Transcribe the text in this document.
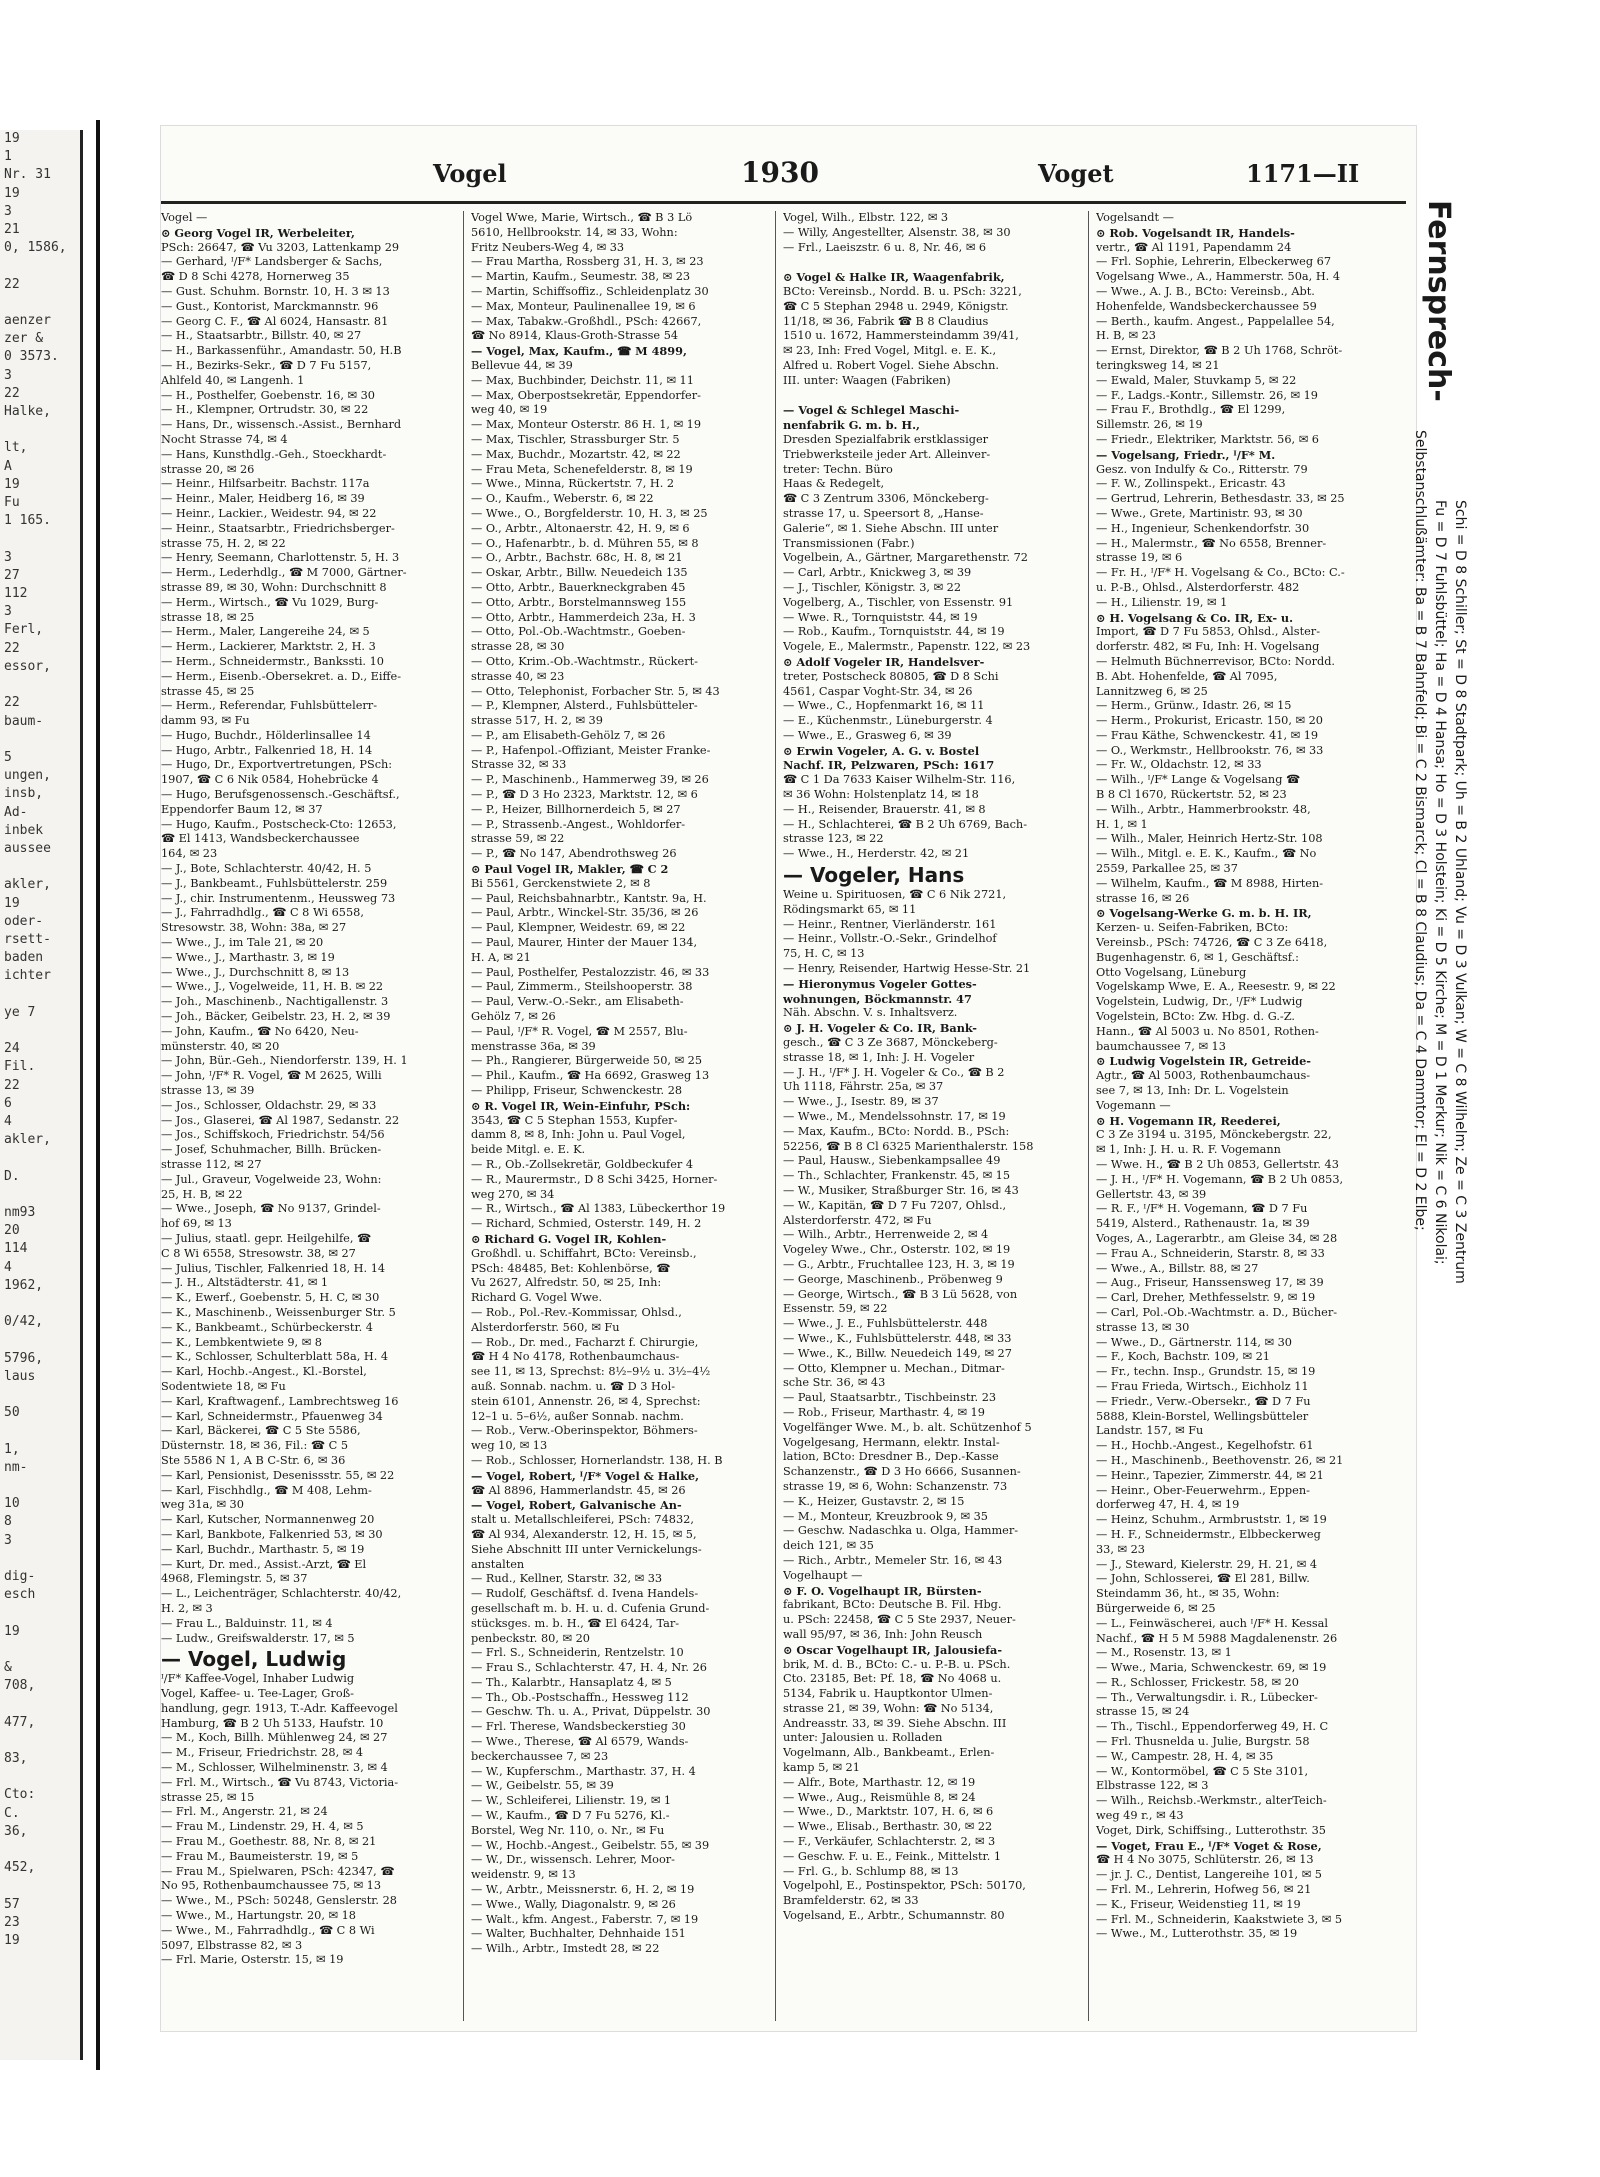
19
1
Nr. 31
19
3
21
0, 1586,

22

aenzer
zer &
0 3573.
3
22
Halke,

lt,
A
19
Fu
1 165.

3
27
112
3
Ferl,
22
essor,

22
baum-

5
ungen,
insb,
Ad-
inbek
aussee

akler,
19
oder-
rsett-
baden
ichter

ye 7

24
Fil.
22
6
4
akler,

D.

nm93
20
114
4
1962,

0/42,

5796,
laus

50

1,
nm-

10
8
3

dig-
esch

19

&
708,

477,

83,

Cto:
C.
36,

452,

57
23
19
Vogel	1930	Voget	1171—II
Vogel —
⊙ Georg Vogel IR, Werbeleiter,
PSch: 26647, ☎ Vu 3203, Lattenkamp 29
— Gerhard, ᴵ/F* Landsberger & Sachs,
☎ D 8 Schi 4278, Hornerweg 35
— Gust. Schuhm. Bornstr. 10, H. 3 ✉ 13
— Gust., Kontorist, Marckmannstr. 96
— Georg C. F., ☎ Al 6024, Hansastr. 81
— H., Staatsarbtr., Billstr. 40, ✉ 27
— H., Barkassenführ., Amandastr. 50, H.B
— H., Bezirks-Sekr., ☎ D 7 Fu 5157,
Ahlfeld 40, ✉ Langenh. 1
— H., Posthelfer, Goebenstr. 16, ✉ 30
— H., Klempner, Ortrudstr. 30, ✉ 22
— Hans, Dr., wissensch.-Assist., Bernhard
Nocht Strasse 74, ✉ 4
— Hans, Kunsthdlg.-Geh., Stoeckhardt-
strasse 20, ✉ 26
— Heinr., Hilfsarbeitr. Bachstr. 117a
— Heinr., Maler, Heidberg 16, ✉ 39
— Heinr., Lackier., Weidestr. 94, ✉ 22
— Heinr., Staatsarbtr., Friedrichsberger-
strasse 75, H. 2, ✉ 22
— Henry, Seemann, Charlottenstr. 5, H. 3
— Herm., Lederhdlg., ☎ M 7000, Gärtner-
strasse 89, ✉ 30, Wohn: Durchschnitt 8
— Herm., Wirtsch., ☎ Vu 1029, Burg-
strasse 18, ✉ 25
— Herm., Maler, Langereihe 24, ✉ 5
— Herm., Lackierer, Marktstr. 2, H. 3
— Herm., Schneidermstr., Bankssti. 10
— Herm., Eisenb.-Obersekret. a. D., Eiffe-
strasse 45, ✉ 25
— Herm., Referendar, Fuhlsbüttelerr-
damm 93, ✉ Fu
— Hugo, Buchdr., Hölderlinsallee 14
— Hugo, Arbtr., Falkenried 18, H. 14
— Hugo, Dr., Exportvertretungen, PSch:
1907, ☎ C 6 Nik 0584, Hohebrücke 4
— Hugo, Berufsgenossensch.-Geschäftsf.,
Eppendorfer Baum 12, ✉ 37
— Hugo, Kaufm., Postscheck-Cto: 12653,
☎ El 1413, Wandsbeckerchaussee
164, ✉ 23
— J., Bote, Schlachterstr. 40/42, H. 5
— J., Bankbeamt., Fuhlsbüttelerstr. 259
— J., chir. Instrumentenm., Heussweg 73
— J., Fahrradhdlg., ☎ C 8 Wi 6558,
Stresowstr. 38, Wohn: 38a, ✉ 27
— Wwe., J., im Tale 21, ✉ 20
— Wwe., J., Marthastr. 3, ✉ 19
— Wwe., J., Durchschnitt 8, ✉ 13
— Wwe., J., Vogelweide, 11, H. B. ✉ 22
— Joh., Maschinenb., Nachtigallenstr. 3
— Joh., Bäcker, Geibelstr. 23, H. 2, ✉ 39
— John, Kaufm., ☎ No 6420, Neu-
münsterstr. 40, ✉ 20
— John, Bür.-Geh., Niendorferstr. 139, H. 1
— John, ᴵ/F* R. Vogel, ☎ M 2625, Willi
strasse 13, ✉ 39
— Jos., Schlosser, Oldachstr. 29, ✉ 33
— Jos., Glaserei, ☎ Al 1987, Sedanstr. 22
— Jos., Schiffskoch, Friedrichstr. 54/56
— Josef, Schuhmacher, Billh. Brücken-
strasse 112, ✉ 27
— Jul., Graveur, Vogelweide 23, Wohn:
25, H. B, ✉ 22
— Wwe., Joseph, ☎ No 9137, Grindel-
hof 69, ✉ 13
— Julius, staatl. gepr. Heilgehilfe, ☎
C 8 Wi 6558, Stresowstr. 38, ✉ 27
— Julius, Tischler, Falkenried 18, H. 14
— J. H., Altstädterstr. 41, ✉ 1
— K., Ewerf., Goebenstr. 5, H. C, ✉ 30
— K., Maschinenb., Weissenburger Str. 5
— K., Bankbeamt., Schürbeckerstr. 4
— K., Lembkentwiete 9, ✉ 8
— K., Schlosser, Schulterblatt 58a, H. 4
— Karl, Hochb.-Angest., Kl.-Borstel,
Sodentwiete 18, ✉ Fu
— Karl, Kraftwagenf., Lambrechtsweg 16
— Karl, Schneidermstr., Pfauenweg 34
— Karl, Bäckerei, ☎ C 5 Ste 5586,
Düsternstr. 18, ✉ 36, Fil.: ☎ C 5
Ste 5586 N 1, A B C-Str. 6, ✉ 36
— Karl, Pensionist, Desenissstr. 55, ✉ 22
— Karl, Fischhdlg., ☎ M 408, Lehm-
weg 31a, ✉ 30
— Karl, Kutscher, Normannenweg 20
— Karl, Bankbote, Falkenried 53, ✉ 30
— Karl, Buchdr., Marthastr. 5, ✉ 19
— Kurt, Dr. med., Assist.-Arzt, ☎ El
4968, Flemingstr. 5, ✉ 37
— L., Leichenträger, Schlachterstr. 40/42,
H. 2, ✉ 3
— Frau L., Balduinstr. 11, ✉ 4
— Ludw., Greifswalderstr. 17, ✉ 5
— Vogel, Ludwig
ᴵ/F* Kaffee-Vogel, Inhaber Ludwig
Vogel, Kaffee- u. Tee-Lager, Groß-
handlung, gegr. 1913, T.-Adr. Kaffeevogel
Hamburg, ☎ B 2 Uh 5133, Haufstr. 10
— M., Koch, Billh. Mühlenweg 24, ✉ 27
— M., Friseur, Friedrichstr. 28, ✉ 4
— M., Schlosser, Wilhelminenstr. 3, ✉ 4
— Frl. M., Wirtsch., ☎ Vu 8743, Victoria-
strasse 25, ✉ 15
— Frl. M., Angerstr. 21, ✉ 24
— Frau M., Lindenstr. 29, H. 4, ✉ 5
— Frau M., Goethestr. 88, Nr. 8, ✉ 21
— Frau M., Baumeisterstr. 19, ✉ 5
— Frau M., Spielwaren, PSch: 42347, ☎
No 95, Rothenbaumchaussee 75, ✉ 13
— Wwe., M., PSch: 50248, Genslerstr. 28
— Wwe., M., Hartungstr. 20, ✉ 18
— Wwe., M., Fahrradhdlg., ☎ C 8 Wi
5097, Elbstrasse 82, ✉ 3
— Frl. Marie, Osterstr. 15, ✉ 19
Vogel Wwe, Marie, Wirtsch., ☎ B 3 Lö
5610, Hellbrookstr. 14, ✉ 33, Wohn:
Fritz Neubers-Weg 4, ✉ 33
— Frau Martha, Rossberg 31, H. 3, ✉ 23
— Martin, Kaufm., Seumestr. 38, ✉ 23
— Martin, Schiffsoffiz., Schleidenplatz 30
— Max, Monteur, Paulinenallee 19, ✉ 6
— Max, Tabakw.-Großhdl., PSch: 42667,
☎ No 8914, Klaus-Groth-Strasse 54
— Vogel, Max, Kaufm., ☎ M 4899,
Bellevue 44, ✉ 39
— Max, Buchbinder, Deichstr. 11, ✉ 11
— Max, Oberpostsekretär, Eppendorfer-
weg 40, ✉ 19
— Max, Monteur Osterstr. 86 H. 1, ✉ 19
— Max, Tischler, Strassburger Str. 5
— Max, Buchdr., Mozartstr. 42, ✉ 22
— Frau Meta, Schenefelderstr. 8, ✉ 19
— Wwe., Minna, Rückertstr. 7, H. 2
— O., Kaufm., Weberstr. 6, ✉ 22
— Wwe., O., Borgfelderstr. 10, H. 3, ✉ 25
— O., Arbtr., Altonaerstr. 42, H. 9, ✉ 6
— O., Hafenarbtr., b. d. Mühren 55, ✉ 8
— O., Arbtr., Bachstr. 68c, H. 8, ✉ 21
— Oskar, Arbtr., Billw. Neuedeich 135
— Otto, Arbtr., Bauerkneckgraben 45
— Otto, Arbtr., Borstelmannsweg 155
— Otto, Arbtr., Hammerdeich 23a, H. 3
— Otto, Pol.-Ob.-Wachtmstr., Goeben-
strasse 28, ✉ 30
— Otto, Krim.-Ob.-Wachtmstr., Rückert-
strasse 40, ✉ 23
— Otto, Telephonist, Forbacher Str. 5, ✉ 43
— P., Klempner, Alsterd., Fuhlsbütteler-
strasse 517, H. 2, ✉ 39
— P., am Elisabeth-Gehölz 7, ✉ 26
— P., Hafenpol.-Offiziant, Meister Franke-
Strasse 32, ✉ 33
— P., Maschinenb., Hammerweg 39, ✉ 26
— P., ☎ D 3 Ho 2323, Marktstr. 12, ✉ 6
— P., Heizer, Billhornerdeich 5, ✉ 27
— P., Strassenb.-Angest., Wohldorfer-
strasse 59, ✉ 22
— P., ☎ No 147, Abendrothsweg 26
⊙ Paul Vogel IR, Makler, ☎ C 2
Bi 5561, Gerckenstwiete 2, ✉ 8
— Paul, Reichsbahnarbtr., Kantstr. 9a, H.
— Paul, Arbtr., Winckel-Str. 35/36, ✉ 26
— Paul, Klempner, Weidestr. 69, ✉ 22
— Paul, Maurer, Hinter der Mauer 134,
H. A, ✉ 21
— Paul, Posthelfer, Pestalozzistr. 46, ✉ 33
— Paul, Zimmerm., Steilshooperstr. 38
— Paul, Verw.-O.-Sekr., am Elisabeth-
Gehölz 7, ✉ 26
— Paul, ᴵ/F* R. Vogel, ☎ M 2557, Blu-
menstrasse 36a, ✉ 39
— Ph., Rangierer, Bürgerweide 50, ✉ 25
— Phil., Kaufm., ☎ Ha 6692, Grasweg 13
— Philipp, Friseur, Schwenckestr. 28
⊙ R. Vogel IR, Wein-Einfuhr, PSch:
3543, ☎ C 5 Stephan 1553, Kupfer-
damm 8, ✉ 8, Inh: John u. Paul Vogel,
beide Mitgl. e. E. K.
— R., Ob.-Zollsekretär, Goldbeckufer 4
— R., Maurermstr., D 8 Schi 3425, Horner-
weg 270, ✉ 34
— R., Wirtsch., ☎ Al 1383, Lübeckerthor 19
— Richard, Schmied, Osterstr. 149, H. 2
⊙ Richard G. Vogel IR, Kohlen-
Großhdl. u. Schiffahrt, BCto: Vereinsb.,
PSch: 48485, Bet: Kohlenbörse, ☎
Vu 2627, Alfredstr. 50, ✉ 25, Inh:
Richard G. Vogel Wwe.
— Rob., Pol.-Rev.-Kommissar, Ohlsd.,
Alsterdorferstr. 560, ✉ Fu
— Rob., Dr. med., Facharzt f. Chirurgie,
☎ H 4 No 4178, Rothenbaumchaus-
see 11, ✉ 13, Sprechst: 8½–9½ u. 3½–4½
auß. Sonnab. nachm. u. ☎ D 3 Hol-
stein 6101, Annenstr. 26, ✉ 4, Sprechst:
12–1 u. 5–6½, außer Sonnab. nachm.
— Rob., Verw.-Oberinspektor, Böhmers-
weg 10, ✉ 13
— Rob., Schlosser, Hornerlandstr. 138, H. B
— Vogel, Robert, ᴵ/F* Vogel & Halke,
☎ Al 8896, Hammerlandstr. 45, ✉ 26
— Vogel, Robert, Galvanische An-
stalt u. Metallschleiferei, PSch: 74832,
☎ Al 934, Alexanderstr. 12, H. 15, ✉ 5,
Siehe Abschnitt III unter Vernickelungs-
anstalten
— Rud., Kellner, Starstr. 32, ✉ 33
— Rudolf, Geschäftsf. d. Ivena Handels-
gesellschaft m. b. H. u. d. Cufenia Grund-
stücksges. m. b. H., ☎ El 6424, Tar-
penbeckstr. 80, ✉ 20
— Frl. S., Schneiderin, Rentzelstr. 10
— Frau S., Schlachterstr. 47, H. 4, Nr. 26
— Th., Kalarbtr., Hansaplatz 4, ✉ 5
— Th., Ob.-Postschaffn., Hessweg 112
— Geschw. Th. u. A., Privat, Düppelstr. 30
— Frl. Therese, Wandsbeckerstieg 30
— Wwe., Therese, ☎ Al 6579, Wands-
beckerchaussee 7, ✉ 23
— W., Kupferschm., Marthastr. 37, H. 4
— W., Geibelstr. 55, ✉ 39
— W., Schleiferei, Lilienstr. 19, ✉ 1
— W., Kaufm., ☎ D 7 Fu 5276, Kl.-
Borstel, Weg Nr. 110, o. Nr., ✉ Fu
— W., Hochb.-Angest., Geibelstr. 55, ✉ 39
— W., Dr., wissensch. Lehrer, Moor-
weidenstr. 9, ✉ 13
— W., Arbtr., Meissnerstr. 6, H. 2, ✉ 19
— Wwe., Wally, Diagonalstr. 9, ✉ 26
— Walt., kfm. Angest., Faberstr. 7, ✉ 19
— Walter, Buchhalter, Dehnhaide 151
— Wilh., Arbtr., Imstedt 28, ✉ 22
Vogel, Wilh., Elbstr. 122, ✉ 3
— Willy, Angestellter, Alsenstr. 38, ✉ 30
— Frl., Laeiszstr. 6 u. 8, Nr. 46, ✉ 6

⊙ Vogel & Halke IR, Waagenfabrik,
BCto: Vereinsb., Nordd. B. u. PSch: 3221,
☎ C 5 Stephan 2948 u. 2949, Königstr.
11/18, ✉ 36, Fabrik ☎ B 8 Claudius
1510 u. 1672, Hammersteindamm 39/41,
✉ 23, Inh: Fred Vogel, Mitgl. e. E. K.,
Alfred u. Robert Vogel. Siehe Abschn.
III. unter: Waagen (Fabriken)

— Vogel & Schlegel Maschi-
nenfabrik G. m. b. H.,
Dresden Spezialfabrik erstklassiger
Triebwerksteile jeder Art. Alleinver-
treter: Techn. Büro
Haas & Redegelt,
☎ C 3 Zentrum 3306, Mönckeberg-
strasse 17, u. Speersort 8, „Hanse-
Galerie“, ✉ 1. Siehe Abschn. III unter
Transmissionen (Fabr.)
Vogelbein, A., Gärtner, Margarethenstr. 72
— Carl, Arbtr., Knickweg 3, ✉ 39
— J., Tischler, Königstr. 3, ✉ 22
Vogelberg, A., Tischler, von Essenstr. 91
— Wwe. R., Tornquiststr. 44, ✉ 19
— Rob., Kaufm., Tornquiststr. 44, ✉ 19
Vogele, E., Malermstr., Papenstr. 122, ✉ 23
⊙ Adolf Vogeler IR, Handelsver-
treter, Postscheck 80805, ☎ D 8 Schi
4561, Caspar Voght-Str. 34, ✉ 26
— Wwe., C., Hopfenmarkt 16, ✉ 11
— E., Küchenmstr., Lüneburgerstr. 4
— Wwe., E., Grasweg 6, ✉ 39
⊙ Erwin Vogeler, A. G. v. Bostel
Nachf. IR, Pelzwaren, PSch: 1617
☎ C 1 Da 7633 Kaiser Wilhelm-Str. 116,
✉ 36 Wohn: Holstenplatz 14, ✉ 18
— H., Reisender, Brauerstr. 41, ✉ 8
— H., Schlachterei, ☎ B 2 Uh 6769, Bach-
strasse 123, ✉ 22
— Wwe., H., Herderstr. 42, ✉ 21
— Vogeler, Hans
Weine u. Spirituosen, ☎ C 6 Nik 2721,
Rödingsmarkt 65, ✉ 11
— Heinr., Rentner, Vierländerstr. 161
— Heinr., Vollstr.-O.-Sekr., Grindelhof
75, H. C, ✉ 13
— Henry, Reisender, Hartwig Hesse-Str. 21
— Hieronymus Vogeler Gottes-
wohnungen, Böckmannstr. 47
Näh. Abschn. V. s. Inhaltsverz.
⊙ J. H. Vogeler & Co. IR, Bank-
gesch., ☎ C 3 Ze 3687, Mönckeberg-
strasse 18, ✉ 1, Inh: J. H. Vogeler
— J. H., ᴵ/F* J. H. Vogeler & Co., ☎ B 2
Uh 1118, Fährstr. 25a, ✉ 37
— Wwe., J., Isestr. 89, ✉ 37
— Wwe., M., Mendelssohnstr. 17, ✉ 19
— Max, Kaufm., BCto: Nordd. B., PSch:
52256, ☎ B 8 Cl 6325 Marienthalerstr. 158
— Paul, Hausw., Siebenkampsallee 49
— Th., Schlachter, Frankenstr. 45, ✉ 15
— W., Musiker, Straßburger Str. 16, ✉ 43
— W., Kapitän, ☎ D 7 Fu 7207, Ohlsd.,
Alsterdorferstr. 472, ✉ Fu
— Wilh., Arbtr., Herrenweide 2, ✉ 4
Vogeley Wwe., Chr., Osterstr. 102, ✉ 19
— G., Arbtr., Fruchtallee 123, H. 3, ✉ 19
— George, Maschinenb., Pröbenweg 9
— George, Wirtsch., ☎ B 3 Lü 5628, von
Essenstr. 59, ✉ 22
— Wwe., J. E., Fuhlsbüttelerstr. 448
— Wwe., K., Fuhlsbüttelerstr. 448, ✉ 33
— Wwe., K., Billw. Neuedeich 149, ✉ 27
— Otto, Klempner u. Mechan., Ditmar-
sche Str. 36, ✉ 43
— Paul, Staatsarbtr., Tischbeinstr. 23
— Rob., Friseur, Marthastr. 4, ✉ 19
Vogelfänger Wwe. M., b. alt. Schützenhof 5
Vogelgesang, Hermann, elektr. Instal-
lation, BCto: Dresdner B., Dep.-Kasse
Schanzenstr., ☎ D 3 Ho 6666, Susannen-
strasse 19, ✉ 6, Wohn: Schanzenstr. 73
— K., Heizer, Gustavstr. 2, ✉ 15
— M., Monteur, Kreuzbrook 9, ✉ 35
— Geschw. Nadaschka u. Olga, Hammer-
deich 121, ✉ 35
— Rich., Arbtr., Memeler Str. 16, ✉ 43
Vogelhaupt —
⊙ F. O. Vogelhaupt IR, Bürsten-
fabrikant, BCto: Deutsche B. Fil. Hbg.
u. PSch: 22458, ☎ C 5 Ste 2937, Neuer-
wall 95/97, ✉ 36, Inh: John Reusch
⊙ Oscar Vogelhaupt IR, Jalousiefa-
brik, M. d. B., BCto: C.- u. P.-B. u. PSch.
Cto. 23185, Bet: Pf. 18, ☎ No 4068 u.
5134, Fabrik u. Hauptkontor Ulmen-
strasse 21, ✉ 39, Wohn: ☎ No 5134,
Andreasstr. 33, ✉ 39. Siehe Abschn. III
unter: Jalousien u. Rolladen
Vogelmann, Alb., Bankbeamt., Erlen-
kamp 5, ✉ 21
— Alfr., Bote, Marthastr. 12, ✉ 19
— Wwe., Aug., Reismühle 8, ✉ 24
— Wwe., D., Marktstr. 107, H. 6, ✉ 6
— Wwe., Elisab., Berthastr. 30, ✉ 22
— F., Verkäufer, Schlachterstr. 2, ✉ 3
— Geschw. F. u. E., Feink., Mittelstr. 1
— Frl. G., b. Schlump 88, ✉ 13
Vogelpohl, E., Postinspektor, PSch: 50170,
Bramfelderstr. 62, ✉ 33
Vogelsand, E., Arbtr., Schumannstr. 80
Vogelsandt —
⊙ Rob. Vogelsandt IR, Handels-
vertr., ☎ Al 1191, Papendamm 24
— Frl. Sophie, Lehrerin, Elbeckerweg 67
Vogelsang Wwe., A., Hammerstr. 50a, H. 4
— Wwe., A. J. B., BCto: Vereinsb., Abt.
Hohenfelde, Wandsbeckerchaussee 59
— Berth., kaufm. Angest., Pappelallee 54,
H. B, ✉ 23
— Ernst, Direktor, ☎ B 2 Uh 1768, Schröt-
teringksweg 14, ✉ 21
— Ewald, Maler, Stuvkamp 5, ✉ 22
— F., Ladgs.-Kontr., Sillemstr. 26, ✉ 19
— Frau F., Brothdlg., ☎ El 1299,
Sillemstr. 26, ✉ 19
— Friedr., Elektriker, Marktstr. 56, ✉ 6
— Vogelsang, Friedr., ᴵ/F* M.
Gesz. von Indulfy & Co., Ritterstr. 79
— F. W., Zollinspekt., Ericastr. 43
— Gertrud, Lehrerin, Bethesdastr. 33, ✉ 25
— Wwe., Grete, Martinistr. 93, ✉ 30
— H., Ingenieur, Schenkendorfstr. 30
— H., Malermstr., ☎ No 6558, Brenner-
strasse 19, ✉ 6
— Fr. H., ᴵ/F* H. Vogelsang & Co., BCto: C.-
u. P.-B., Ohlsd., Alsterdorferstr. 482
— H., Lilienstr. 19, ✉ 1
⊙ H. Vogelsang & Co. IR, Ex- u.
Import, ☎ D 7 Fu 5853, Ohlsd., Alster-
dorferstr. 482, ✉ Fu, Inh: H. Vogelsang
— Helmuth Büchnerrevisor, BCto: Nordd.
B. Abt. Hohenfelde, ☎ Al 7095,
Lannitzweg 6, ✉ 25
— Herm., Grünw., Idastr. 26, ✉ 15
— Herm., Prokurist, Ericastr. 150, ✉ 20
— Frau Käthe, Schwenckestr. 41, ✉ 19
— O., Werkmstr., Hellbrookstr. 76, ✉ 33
— Fr. W., Oldachstr. 12, ✉ 33
— Wilh., ᴵ/F* Lange & Vogelsang ☎
B 8 Cl 1670, Rückertstr. 52, ✉ 23
— Wilh., Arbtr., Hammerbrookstr. 48,
H. 1, ✉ 1
— Wilh., Maler, Heinrich Hertz-Str. 108
— Wilh., Mitgl. e. E. K., Kaufm., ☎ No
2559, Parkallee 25, ✉ 37
— Wilhelm, Kaufm., ☎ M 8988, Hirten-
strasse 16, ✉ 26
⊙ Vogelsang-Werke G. m. b. H. IR,
Kerzen- u. Seifen-Fabriken, BCto:
Vereinsb., PSch: 74726, ☎ C 3 Ze 6418,
Bugenhagenstr. 6, ✉ 1, Geschäftsf.:
Otto Vogelsang, Lüneburg
Vogelskamp Wwe, E. A., Reesestr. 9, ✉ 22
Vogelstein, Ludwig, Dr., ᴵ/F* Ludwig
Vogelstein, BCto: Zw. Hbg. d. G.-Z.
Hann., ☎ Al 5003 u. No 8501, Rothen-
baumchaussee 7, ✉ 13
⊙ Ludwig Vogelstein IR, Getreide-
Agtr., ☎ Al 5003, Rothenbaumchaus-
see 7, ✉ 13, Inh: Dr. L. Vogelstein
Vogemann —
⊙ H. Vogemann IR, Reederei,
C 3 Ze 3194 u. 3195, Mönckebergstr. 22,
✉ 1, Inh: J. H. u. R. F. Vogemann
— Wwe. H., ☎ B 2 Uh 0853, Gellertstr. 43
— J. H., ᴵ/F* H. Vogemann, ☎ B 2 Uh 0853,
Gellertstr. 43, ✉ 39
— R. F., ᴵ/F* H. Vogemann, ☎ D 7 Fu
5419, Alsterd., Rathenaustr. 1a, ✉ 39
Voges, A., Lagerarbtr., am Gleise 34, ✉ 28
— Frau A., Schneiderin, Starstr. 8, ✉ 33
— Wwe., A., Billstr. 88, ✉ 27
— Aug., Friseur, Hanssensweg 17, ✉ 39
— Carl, Dreher, Methfesselstr. 9, ✉ 19
— Carl, Pol.-Ob.-Wachtmstr. a. D., Bücher-
strasse 13, ✉ 30
— Wwe., D., Gärtnerstr. 114, ✉ 30
— F., Koch, Bachstr. 109, ✉ 21
— Fr., techn. Insp., Grundstr. 15, ✉ 19
— Frau Frieda, Wirtsch., Eichholz 11
— Friedr., Verw.-Obersekr., ☎ D 7 Fu
5888, Klein-Borstel, Wellingsbütteler
Landstr. 157, ✉ Fu
— H., Hochb.-Angest., Kegelhofstr. 61
— H., Maschinenb., Beethovenstr. 26, ✉ 21
— Heinr., Tapezier, Zimmerstr. 44, ✉ 21
— Heinr., Ober-Feuerwehrm., Eppen-
dorferweg 47, H. 4, ✉ 19
— Heinz, Schuhm., Armbruststr. 1, ✉ 19
— H. F., Schneidermstr., Elbbeckerweg
33, ✉ 23
— J., Steward, Kielerstr. 29, H. 21, ✉ 4
— John, Schlosserei, ☎ El 281, Billw.
Steindamm 36, ht., ✉ 35, Wohn:
Bürgerweide 6, ✉ 25
— L., Feinwäscherei, auch ᴵ/F* H. Kessal
Nachf., ☎ H 5 M 5988 Magdalenenstr. 26
— M., Rosenstr. 13, ✉ 1
— Wwe., Maria, Schwenckestr. 69, ✉ 19
— R., Schlosser, Frickestr. 58, ✉ 20
— Th., Verwaltungsdir. i. R., Lübecker-
strasse 15, ✉ 24
— Th., Tischl., Eppendorferweg 49, H. C
— Frl. Thusnelda u. Julie, Burgstr. 58
— W., Campestr. 28, H. 4, ✉ 35
— W., Kontormöbel, ☎ C 5 Ste 3101,
Elbstrasse 122, ✉ 3
— Wilh., Reichsb.-Werkmstr., alterTeich-
weg 49 r., ✉ 43
Voget, Dirk, Schiffsing., Lutterothstr. 35
— Voget, Frau E., ᴵ/F* Voget & Rose,
☎ H 4 No 3075, Schlüterstr. 26, ✉ 13
— jr. J. C., Dentist, Langereihe 101, ✉ 5
— Frl. M., Lehrerin, Hofweg 56, ✉ 21
— K., Friseur, Weidenstieg 11, ✉ 19
— Frl. M., Schneiderin, Kaakstwiete 3, ✉ 5
— Wwe., M., Lutterothstr. 35, ✉ 19
Fernsprech-
Selbstanschlußämter: Ba = B 7 Bahnfeld; Bi = C 2 Bismarck; Cl = B 8 Claudius; Da = C 4 Dammtor; El = D 2 Elbe; Fu = D 7 Fuhlsbüttel; Ha = D 4 Hansa; Ho = D 3 Holstein; Ki = D 5 Kirche; M = D 1 Merkur; Nik = C 6 Nikolai; Schi = D 8 Schiller; St = D 8 Stadtpark; Uh = B 2 Uhland; Vu = D 3 Vulkan; W = C 8 Wilhelm; Ze = C 3 Zentrum
